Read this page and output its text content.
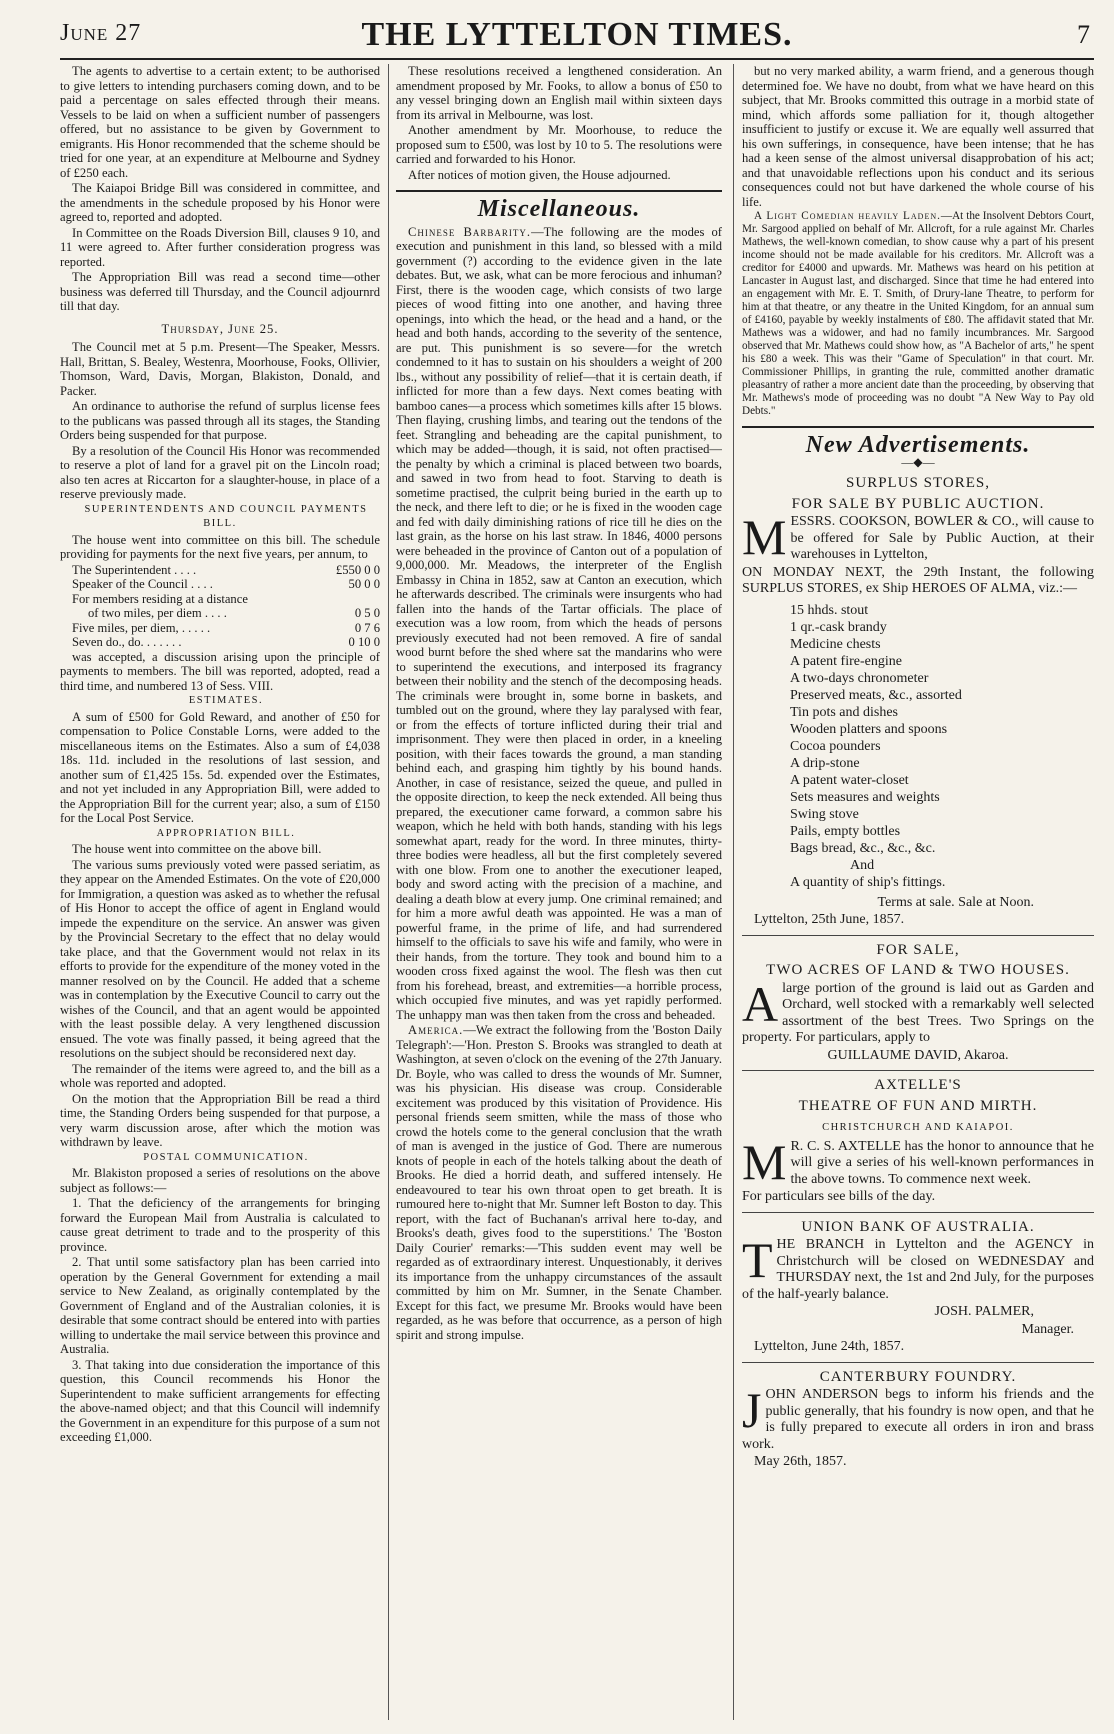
June 27	THE LYTTELTON TIMES.	7

The agents to advertise to a certain extent; to be authorised to give letters to intending purchasers coming down, and to be paid a percentage on sales effected through their means. Vessels to be laid on when a sufficient number of passengers offered, but no assistance to be given by Government to emigrants. His Honor recommended that the scheme should be tried for one year, at an expenditure at Melbourne and Sydney of £250 each.

The Kaiapoi Bridge Bill was considered in committee, and the amendments in the schedule proposed by his Honor were agreed to, reported and adopted.

In Committee on the Roads Diversion Bill, clauses 9 10, and 11 were agreed to. After further consideration progress was reported.

The Appropriation Bill was read a second time—other business was deferred till Thursday, and the Council adjournrd till that day.

Thursday, June 25.

The Council met at 5 p.m. Present—The Speaker, Messrs. Hall, Brittan, S. Bealey, Westenra, Moorhouse, Fooks, Ollivier, Thomson, Ward, Davis, Morgan, Blakiston, Donald, and Packer.

An ordinance to authorise the refund of surplus license fees to the publicans was passed through all its stages, the Standing Orders being suspended for that purpose.

By a resolution of the Council His Honor was recommended to reserve a plot of land for a gravel pit on the Lincoln road; also ten acres at Riccarton for a slaughter-house, in place of a reserve previously made.

SUPERINTENDENTS AND COUNCIL PAYMENTS BILL.

The house went into committee on this bill. The schedule providing for payments for the next five years, per annum, to

The Superintendent . . . .	£550 0 0
Speaker of the Council . . . .	50 0 0
For members residing at a distance
of two miles, per diem . . . .	0 5 0
Five miles, per diem, . . . . .	0 7 6
Seven do., do. . . . . . .	0 10 0

was accepted, a discussion arising upon the principle of payments to members. The bill was reported, adopted, read a third time, and numbered 13 of Sess. VIII.

ESTIMATES.

A sum of £500 for Gold Reward, and another of £50 for compensation to Police Constable Lorns, were added to the miscellaneous items on the Estimates. Also a sum of £4,038 18s. 11d. included in the resolutions of last session, and another sum of £1,425 15s. 5d. expended over the Estimates, and not yet included in any Appropriation Bill, were added to the Appropriation Bill for the current year; also, a sum of £150 for the Local Post Service.

APPROPRIATION BILL.

The house went into committee on the above bill.

The various sums previously voted were passed seriatim, as they appear on the Amended Estimates. On the vote of £20,000 for Immigration, a question was asked as to whether the refusal of His Honor to accept the office of agent in England would impede the expenditure on the service. An answer was given by the Provincial Secretary to the effect that no delay would take place, and that the Government would not relax in its efforts to provide for the expenditure of the money voted in the manner resolved on by the Council. He added that a scheme was in contemplation by the Executive Council to carry out the wishes of the Council, and that an agent would be appointed with the least possible delay. A very lengthened discussion ensued. The vote was finally passed, it being agreed that the resolutions on the subject should be reconsidered next day.

The remainder of the items were agreed to, and the bill as a whole was reported and adopted.

On the motion that the Appropriation Bill be read a third time, the Standing Orders being suspended for that purpose, a very warm discussion arose, after which the motion was withdrawn by leave.

POSTAL COMMUNICATION.

Mr. Blakiston proposed a series of resolutions on the above subject as follows:—

1. That the deficiency of the arrangements for bringing forward the European Mail from Australia is calculated to cause great detriment to trade and to the prosperity of this province.

2. That until some satisfactory plan has been carried into operation by the General Government for extending a mail service to New Zealand, as originally contemplated by the Government of England and of the Australian colonies, it is desirable that some contract should be entered into with parties willing to undertake the mail service between this province and Australia.

3. That taking into due consideration the importance of this question, this Council recommends his Honor the Superintendent to make sufficient arrangements for effecting the above-named object; and that this Council will indemnify the Government in an expenditure for this purpose of a sum not exceeding £1,000.

These resolutions received a lengthened consideration. An amendment proposed by Mr. Fooks, to allow a bonus of £50 to any vessel bringing down an English mail within sixteen days from its arrival in Melbourne, was lost.

Another amendment by Mr. Moorhouse, to reduce the proposed sum to £500, was lost by 10 to 5. The resolutions were carried and forwarded to his Honor.

After notices of motion given, the House adjourned.

Miscellaneous.

Chinese Barbarity.—The following are the modes of execution and punishment in this land, so blessed with a mild government (?) according to the evidence given in the late debates. But, we ask, what can be more ferocious and inhuman? First, there is the wooden cage, which consists of two large pieces of wood fitting into one another, and having three openings, into which the head, or the head and a hand, or the head and both hands, according to the severity of the sentence, are put. This punishment is so severe—for the wretch condemned to it has to sustain on his shoulders a weight of 200 lbs., without any possibility of relief—that it is certain death, if inflicted for more than a few days. Next comes beating with bamboo canes—a process which sometimes kills after 15 blows. Then flaying, crushing limbs, and tearing out the tendons of the feet. Strangling and beheading are the capital punishment, to which may be added—though, it is said, not often practised—the penalty by which a criminal is placed between two boards, and sawed in two from head to foot. Starving to death is sometime practised, the culprit being buried in the earth up to the neck, and there left to die; or he is fixed in the wooden cage and fed with daily diminishing rations of rice till he dies on the last grain, as the horse on his last straw. In 1846, 4000 persons were beheaded in the province of Canton out of a population of 9,000,000. Mr. Meadows, the interpreter of the English Embassy in China in 1852, saw at Canton an execution, which he afterwards described. The criminals were insurgents who had fallen into the hands of the Tartar officials. The place of execution was a low room, from which the heads of persons previously executed had not been removed. A fire of sandal wood burnt before the shed where sat the mandarins who were to superintend the executions, and interposed its fragrancy between their nobility and the stench of the decomposing heads. The criminals were brought in, some borne in baskets, and tumbled out on the ground, where they lay paralysed with fear, or from the effects of torture inflicted during their trial and imprisonment. They were then placed in order, in a kneeling position, with their faces towards the ground, a man standing behind each, and grasping him tightly by his bound hands. Another, in case of resistance, seized the queue, and pulled in the opposite direction, to keep the neck extended. All being thus prepared, the executioner came forward, a common sabre his weapon, which he held with both hands, standing with his legs somewhat apart, ready for the word. In three minutes, thirty-three bodies were headless, all but the first completely severed with one blow. From one to another the executioner leaped, body and sword acting with the precision of a machine, and dealing a death blow at every jump. One criminal remained; and for him a more awful death was appointed. He was a man of powerful frame, in the prime of life, and had surrendered himself to the officials to save his wife and family, who were in their hands, from the torture. They took and bound him to a wooden cross fixed against the wool. The flesh was then cut from his forehead, breast, and extremities—a horrible process, which occupied five minutes, and was yet rapidly performed. The unhappy man was then taken from the cross and beheaded.

America.—We extract the following from the 'Boston Daily Telegraph':—'Hon. Preston S. Brooks was strangled to death at Washington, at seven o'clock on the evening of the 27th January. Dr. Boyle, who was called to dress the wounds of Mr. Sumner, was his physician. His disease was croup. Considerable excitement was produced by this visitation of Providence. His personal friends seem smitten, while the mass of those who crowd the hotels come to the general conclusion that the wrath of man is avenged in the justice of God. There are numerous knots of people in each of the hotels talking about the death of Brooks. He died a horrid death, and suffered intensely. He endeavoured to tear his own throat open to get breath. It is rumoured here to-night that Mr. Sumner left Boston to day. This report, with the fact of Buchanan's arrival here to-day, and Brooks's death, gives food to the superstitions.' The 'Boston Daily Courier' remarks:—'This sudden event may well be regarded as of extraordinary interest. Unquestionably, it derives its importance from the unhappy circumstances of the assault committed by him on Mr. Sumner, in the Senate Chamber. Except for this fact, we presume Mr. Brooks would have been regarded, as he was before that occurrence, as a person of high spirit and strong impulse.

but no very marked ability, a warm friend, and a generous though determined foe. We have no doubt, from what we have heard on this subject, that Mr. Brooks committed this outrage in a morbid state of mind, which affords some palliation for it, though altogether insufficient to justify or excuse it. We are equally well assurred that his own sufferings, in consequence, have been intense; that he has had a keen sense of the almost universal disapprobation of his act; and that unavoidable reflections upon his conduct and its serious consequences could not but have darkened the whole course of his life.

A Light Comedian heavily Laden.—At the Insolvent Debtors Court, Mr. Sargood applied on behalf of Mr. Allcroft, for a rule against Mr. Charles Mathews, the well-known comedian, to show cause why a part of his present income should not be made available for his creditors. Mr. Allcroft was a creditor for £4000 and upwards. Mr. Mathews was heard on his petition at Lancaster in August last, and discharged. Since that time he had entered into an engagement with Mr. E. T. Smith, of Drury-lane Theatre, to perform for him at that theatre, or any theatre in the United Kingdom, for an annual sum of £4160, payable by weekly instalments of £80. The affidavit stated that Mr. Mathews was a widower, and had no family incumbrances. Mr. Sargood observed that Mr. Mathews could show how, as "A Bachelor of arts," he spent his £80 a week. This was their "Game of Speculation" in that court. Mr. Commissioner Phillips, in granting the rule, committed another dramatic pleasantry of rather a more ancient date than the proceeding, by observing that Mr. Mathews's mode of proceeding was no doubt "A New Way to Pay old Debts."

New Advertisements.
—◆—
SURPLUS STORES,
FOR SALE BY PUBLIC AUCTION.

MESSRS. COOKSON, BOWLER & CO., will cause to be offered for Sale by Public Auction, at their warehouses in Lyttelton,

ON MONDAY NEXT, the 29th Instant, the following SURPLUS STORES, ex Ship HEROES OF ALMA, viz.:—

15 hhds. stout
1 qr.-cask brandy
Medicine chests
A patent fire-engine
A two-days chronometer
Preserved meats, &c., assorted
Tin pots and dishes
Wooden platters and spoons
Cocoa pounders
A drip-stone
A patent water-closet
Sets measures and weights
Swing stove
Pails, empty bottles
Bags bread, &c., &c., &c.
And
A quantity of ship's fittings.

Terms at sale. Sale at Noon.

Lyttelton, 25th June, 1857.

FOR SALE,
TWO ACRES OF LAND & TWO HOUSES.

Alarge portion of the ground is laid out as Garden and Orchard, well stocked with a remarkably well selected assortment of the best Trees. Two Springs on the property. For particulars, apply to

GUILLAUME DAVID, Akaroa.

AXTELLE'S
THEATRE OF FUN AND MIRTH.
CHRISTCHURCH AND KAIAPOI.

M R. C. S. AXTELLE has the honor to announce that he will give a series of his well-known performances in the above towns. To commence next week.

For particulars see bills of the day.

UNION BANK OF AUSTRALIA.

THE BRANCH in Lyttelton and the AGENCY in Christchurch will be closed on WEDNESDAY and THURSDAY next, the 1st and 2nd July, for the purposes of the half-yearly balance.

JOSH. PALMER,

Manager.

Lyttelton, June 24th, 1857.

CANTERBURY FOUNDRY.

JOHN ANDERSON begs to inform his friends and the public generally, that his foundry is now open, and that he is fully prepared to execute all orders in iron and brass work.

May 26th, 1857.
